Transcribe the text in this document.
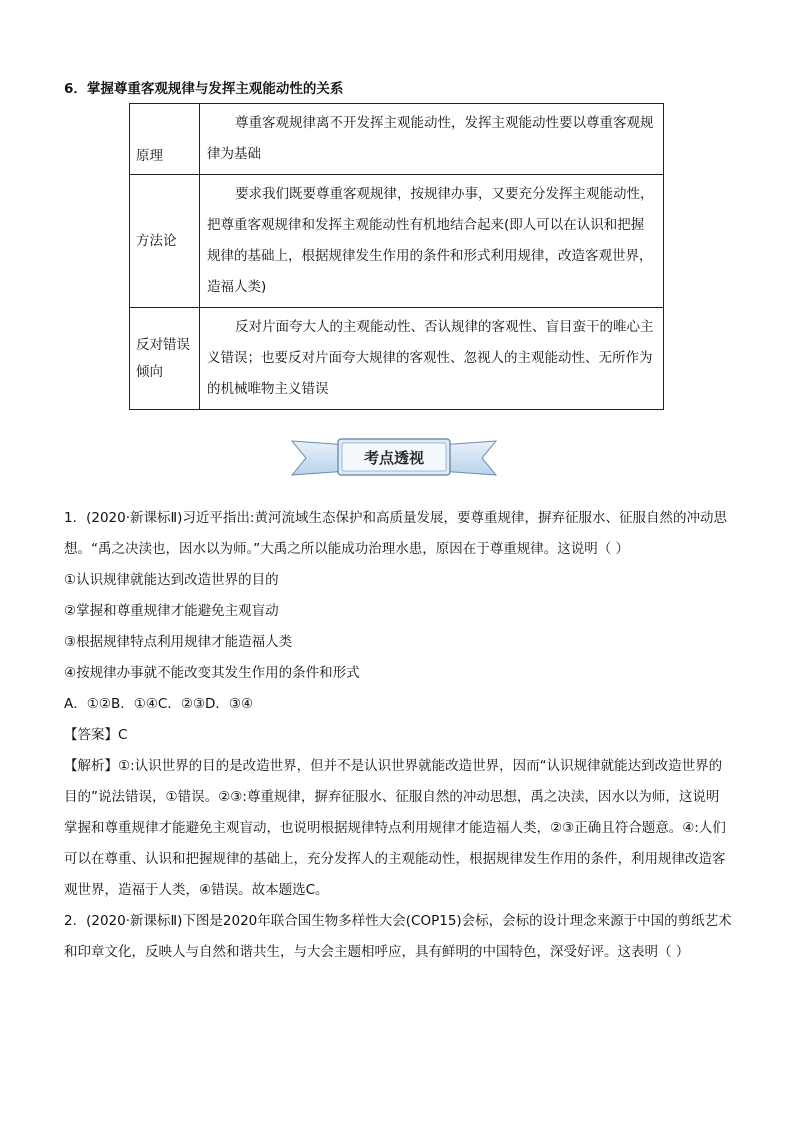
6．掌握尊重客观规律与发挥主观能动性的关系
原理	尊重客观规律离不开发挥主观能动性，发挥主观能动性要以尊重客观规律为基础
方法论	要求我们既要尊重客观规律，按规律办事，又要充分发挥主观能动性，把尊重客观规律和发挥主观能动性有机地结合起来(即人可以在认识和把握规律的基础上，根据规律发生作用的条件和形式利用规律，改造客观世界，造福人类)
反对错误倾向	反对片面夸大人的主观能动性、否认规律的客观性、盲目蛮干的唯心主义错误；也要反对片面夸大规律的客观性、忽视人的主观能动性、无所作为的机械唯物主义错误
考点透视

1．(2020·新课标Ⅱ)习近平指出:黄河流域生态保护和高质量发展，要尊重规律，摒弃征服水、征服自然的冲动思想。“禹之决渎也，因水以为师。”大禹之所以能成功治理水患，原因在于尊重规律。这说明（ ）

①认识规律就能达到改造世界的目的
②掌握和尊重规律才能避免主观盲动
③根据规律特点利用规律才能造福人类
④按规律办事就不能改变其发生作用的条件和形式

A．①②B．①④C．②③D．③④

【答案】C

【解析】①:认识世界的目的是改造世界，但并不是认识世界就能改造世界，因而“认识规律就能达到改造世界的目的”说法错误，①错误。②③:尊重规律，摒弃征服水、征服自然的冲动思想，禹之决渎，因水以为师，这说明掌握和尊重规律才能避免主观盲动，也说明根据规律特点利用规律才能造福人类，②③正确且符合题意。④:人们可以在尊重、认识和把握规律的基础上，充分发挥人的主观能动性，根据规律发生作用的条件，利用规律改造客观世界，造福于人类，④错误。故本题选C。

2．(2020·新课标Ⅱ)下图是2020年联合国生物多样性大会(COP15)会标，会标的设计理念来源于中国的剪纸艺术和印章文化，反映人与自然和谐共生，与大会主题相呼应，具有鲜明的中国特色，深受好评。这表明（ ）
